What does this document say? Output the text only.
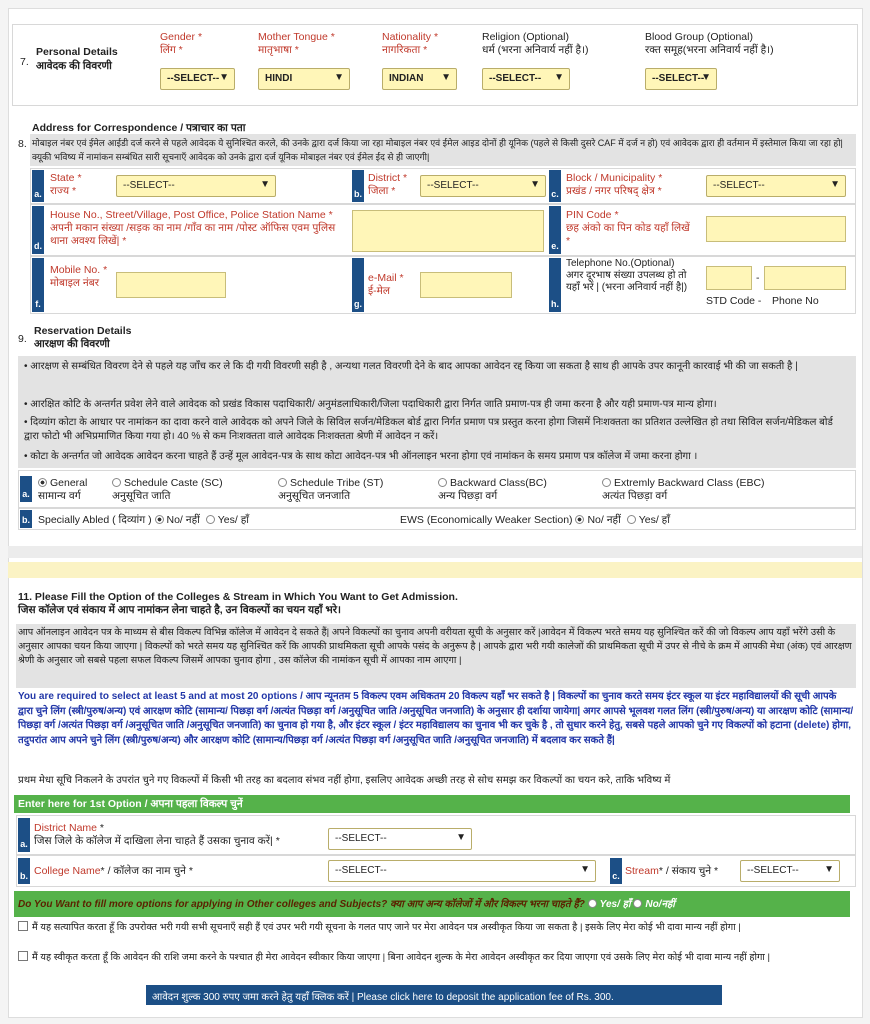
7.
Personal Details
आवेदक की विवरणी
Gender *
लिंग *
--SELECT-- ▼
Mother Tongue *
मातृभाषा *
HINDI	▼
Nationality *
नागरिकता *
INDIAN ▼
Religion (Optional)
धर्म (भरना अनिवार्य नहीं है।)
--SELECT-- ▼
Blood Group (Optional)
रक्त समूह(भरना अनिवार्य नहीं है।)
--SELECT--
▼
Address for Correspondence / पत्राचार का पता
8. मोबाइल नंबर एवं ईमेल आईडी दर्ज करने से पहले आवेदक ये सुनिश्चित करले, की उनके द्वारा दर्ज किया जा रहा मोबाइल नंबर एवं ईमेल आइड दोनों ही यूनिक (पहले से किसी दुसरे CAF में दर्ज न हो) एवं आवेदक द्वारा ही वर्तमान में इस्तेमाल किया जा रहा हो| क्यूकी भविष्य में नामांकन सम्बंधित सारी सूचनाएँ आवेदक को उनके द्वारा दर्ज यूनिक मोबाइल नंबर एवं ईमेल ईद से ही जाएगी|
a.
State *
राज्य *	--SELECT--	▼
b.
District *
जिला *	--SELECT--	▼
c.
Block / Municipality *
प्रखंड / नगर परिषद् क्षेत्र *	--SELECT--	▼
d.
House No., Street/Village, Post Office, Police Station Name *
अपनी मकान संख्या /सड़क का नाम /गाँव का नाम /पोस्ट ऑफिस एवम पुलिस थाना अवश्य लिखें| *	e.
PIN Code *
छह अंको का पिन कोड यहाँ लिखें *
f.
Mobile No. *
मोबाइल नंबर
g.
e-Mail *
ई-मेल
h.
Telephone No.(Optional)
अगर दूरभाष संख्या उपलब्ध हो तो यहाँ भरें | (भरना अनिवार्य नहीं है|)
-
STD Code - Phone No
9.
Reservation Details
आरक्षण की विवरणी
• आरक्षण से सम्बंधित विवरण देने से पहले यह जाँच कर ले कि दी गयी विवरणी सही है , अन्यथा गलत विवरणी देने के बाद आपका आवेदन रद्द किया जा सकता है साथ ही आपके उपर कानूनी कारवाई भी की जा सकती है |
• आरक्षित कोटि के अन्तर्गत प्रवेश लेने वाले आवेदक को प्रखंड विकास पदाधिकारी/ अनुमंडलाधिकारी/जिला पदाधिकारी द्वारा निर्गत जाति प्रमाण-पत्र ही जमा करना है और यही प्रमाण-पत्र मान्य होगा।
• दिव्यांग कोटा के आधार पर नामांकन का दावा करने वाले आवेदक को अपने जिले के सिविल सर्जन/मेडिकल बोर्ड द्वारा निर्गत प्रमाण पत्र प्रस्तुत करना होगा जिसमें निःशक्तता का प्रतिशत उल्लेखित हो तथा सिविल सर्जन/मेडिकल बोर्ड द्वारा फोटो भी अभिप्रमाणित किया गया हो। 40 % से कम निःशक्तता वाले आवेदक निःशक्तता श्रेणी में आवेदन न करें।
• कोटा के अन्तर्गत जो आवेदक आवेदन करना चाहते हैं उन्हें मूल आवेदन-पत्र के साथ कोटा आवेदन-पत्र भी ऑनलाइन भरना होगा एवं नामांकन के समय प्रमाण पत्र कॉलेज में जमा करना होगा ।
a.
General
सामान्य वर्ग
Schedule Caste (SC)
अनुसूचित जाति
Schedule Tribe (ST)
अनुसूचित जनजाति
Backward Class(BC)
अन्य पिछड़ा वर्ग
Extremly Backward Class (EBC)
अत्यंत पिछड़ा वर्ग
b. Specially Abled ( दिव्यांग ) No/ नहीं Yes/ हाँ	EWS (Economically Weaker Section) No/ नहीं Yes/ हाँ
11. Please Fill the Option of the Colleges & Stream in Which You Want to Get Admission.
जिस कॉलेज एवं संकाय में आप नामांकन लेना चाहते है, उन विकल्पों का चयन यहाँ भरे।
आप ऑनलाइन आवेदन पत्र के माध्यम से बीस विकल्प विभिन्न कॉलेज में आवेदन दे सकते हैं| अपने विकल्पों का चुनाव अपनी वरीयता सूची के अनुसार करें |आवेदन में विकल्प भरते समय यह सुनिश्चित करें की जो विकल्प आप यहाँ भरेंगे उसी के अनुसार आपका चयन किया जाएगा | विकल्पों को भरते समय यह सुनिश्चित करें कि आपकी प्राथमिकता सूची आपके पसंद के अनुरूप है | आपके द्वारा भरी गयी कालेजों की प्राथमिकता सूची में उपर से नीचे के क्रम में आपकी मेधा (अंक) एवं आरक्षण श्रेणी के अनुसार जो सबसे पहला सफल विकल्प जिसमें आपका चुनाव होगा , उस कॉलेज की नामांकन सूची में आपका नाम आएगा |
You are required to select at least 5 and at most 20 options / आप न्यूनतम 5 विकल्प एवम अधिकतम 20 विकल्प यहाँ भर सकते है | विकल्पों का चुनाव करते समय इंटर स्कूल या इंटर महाविद्यालयों की सूची आपके द्वारा चुने लिंग (स्त्री/पुरुष/अन्य) एवं आरक्षण कोटि (सामान्य/ पिछड़ा वर्ग /अत्यंत पिछड़ा वर्ग /अनुसूचित जाति /अनुसूचित जनजाति) के अनुसार ही दर्शाया जायेगा| अगर आपसे भूलवश गलत लिंग (स्त्री/पुरुष/अन्य) या आरक्षण कोटि (सामान्य/ पिछड़ा वर्ग /अत्यंत पिछड़ा वर्ग /अनुसूचित जाति /अनुसूचित जनजाति) का चुनाव हो गया है, और इंटर स्कूल / इंटर महाविद्यालय का चुनाव भी कर चुके है , तो सुधार करने हेतु, सबसे पहले आपको चुने गए विकल्पों को हटाना (delete) होगा, तदुपरांत आप अपने चुने लिंग (स्त्री/पुरुष/अन्य) और आरक्षण कोटि (सामान्य/पिछड़ा वर्ग /अत्यंत पिछड़ा वर्ग /अनुसूचित जाति /अनुसूचित जनजाति) में बदलाव कर सकते हैं|
प्रथम मेधा सूचि निकलने के उपरांत चुने गए विकल्पों में किसी भी तरह का बदलाव संभव नहीं होगा, इसलिए आवेदक अच्छी तरह से सोच समझ कर विकल्पों का चयन करे, ताकि भविष्य में
Enter here for 1st Option / अपना पहला विकल्प चुनें
a.
District Name *
जिस जिले के कॉलेज में दाखिला लेना चाहते हैं उसका चुनाव करें| *	--SELECT--	▼
b. College Name* / कॉलेज का नाम चुने *	--SELECT--	▼
c. Stream* / संकाय चुने *	--SELECT--	▼
Do You Want to fill more options for applying in Other colleges and Subjects? क्या आप अन्य कॉलेजों में और विकल्प भरना चाहते हैं? Yes/ हाँ No/नहीं
मैं यह सत्यापित करता हूँ कि उपरोक्त भरी गयी सभी सूचनाएँ सही हैं एवं उपर भरी गयी सूचना के गलत पाए जाने पर मेरा आवेदन पत्र अस्वीकृत किया जा सकता है | इसके लिए मेरा कोई भी दावा मान्य नहीं होगा |
मैं यह स्वीकृत करता हूँ कि आवेदन की राशि जमा करने के पश्चात ही मेरा आवेदन स्वीकार किया जाएगा | बिना आवेदन शुल्क के मेरा आवेदन अस्वीकृत कर दिया जाएगा एवं उसके लिए मेरा कोई भी दावा मान्य नहीं होगा |
आवेदन शुल्क 300 रुपए जमा करने हेतु यहाँ क्लिक करें | Please click here to deposit the application fee of Rs. 300.
